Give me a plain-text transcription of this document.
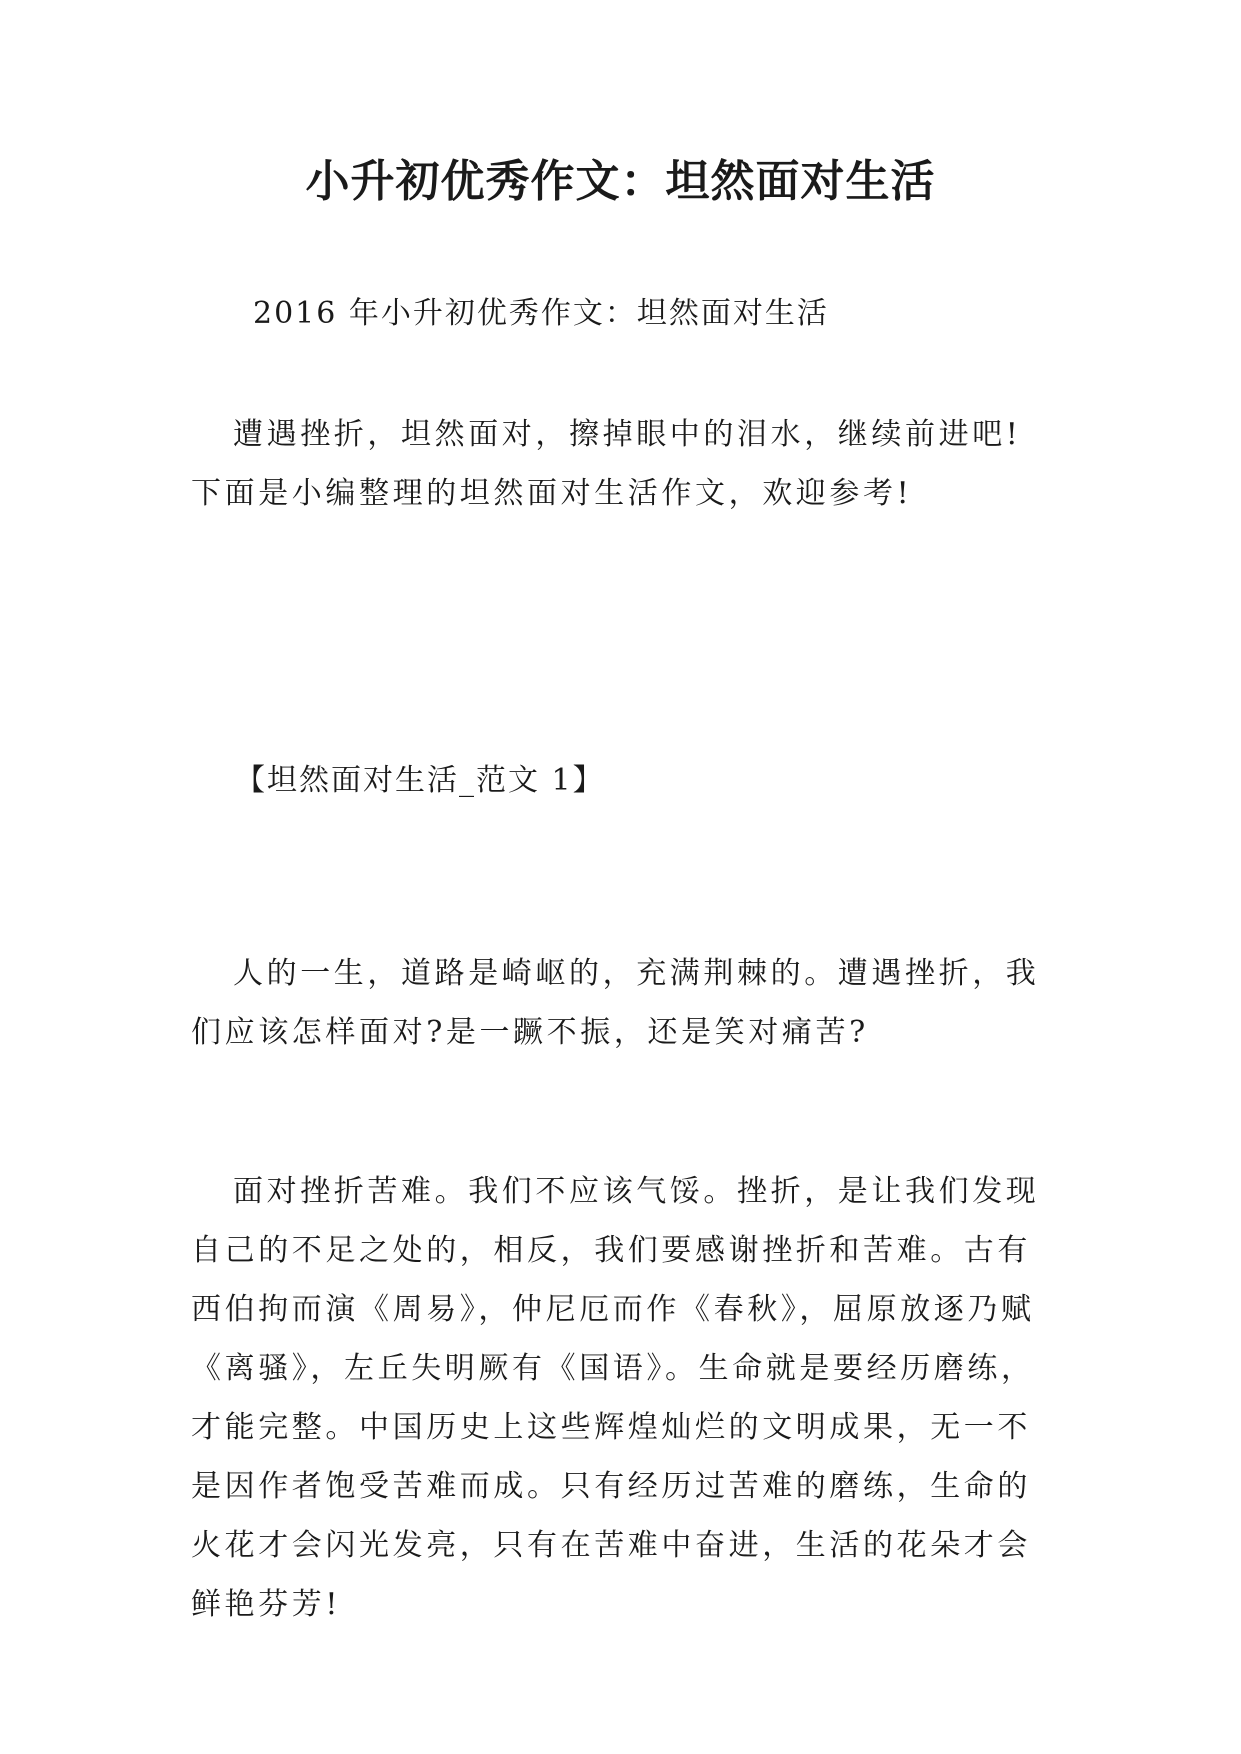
小升初优秀作文：坦然面对生活

2016 年小升初优秀作文：坦然面对生活

遭遇挫折，坦然面对，擦掉眼中的泪水，继续前进吧!下面是小编整理的坦然面对生活作文，欢迎参考!

【坦然面对生活_范文 1】

人的一生，道路是崎岖的，充满荆棘的。遭遇挫折，我们应该怎样面对?是一蹶不振，还是笑对痛苦?

面对挫折苦难。我们不应该气馁。挫折，是让我们发现自己的不足之处的，相反，我们要感谢挫折和苦难。古有西伯拘而演《周易》，仲尼厄而作《春秋》，屈原放逐乃赋《离骚》，左丘失明厥有《国语》。生命就是要经历磨练，才能完整。中国历史上这些辉煌灿烂的文明成果，无一不是因作者饱受苦难而成。只有经历过苦难的磨练，生命的火花才会闪光发亮，只有在苦难中奋进，生活的花朵才会鲜艳芬芳!
